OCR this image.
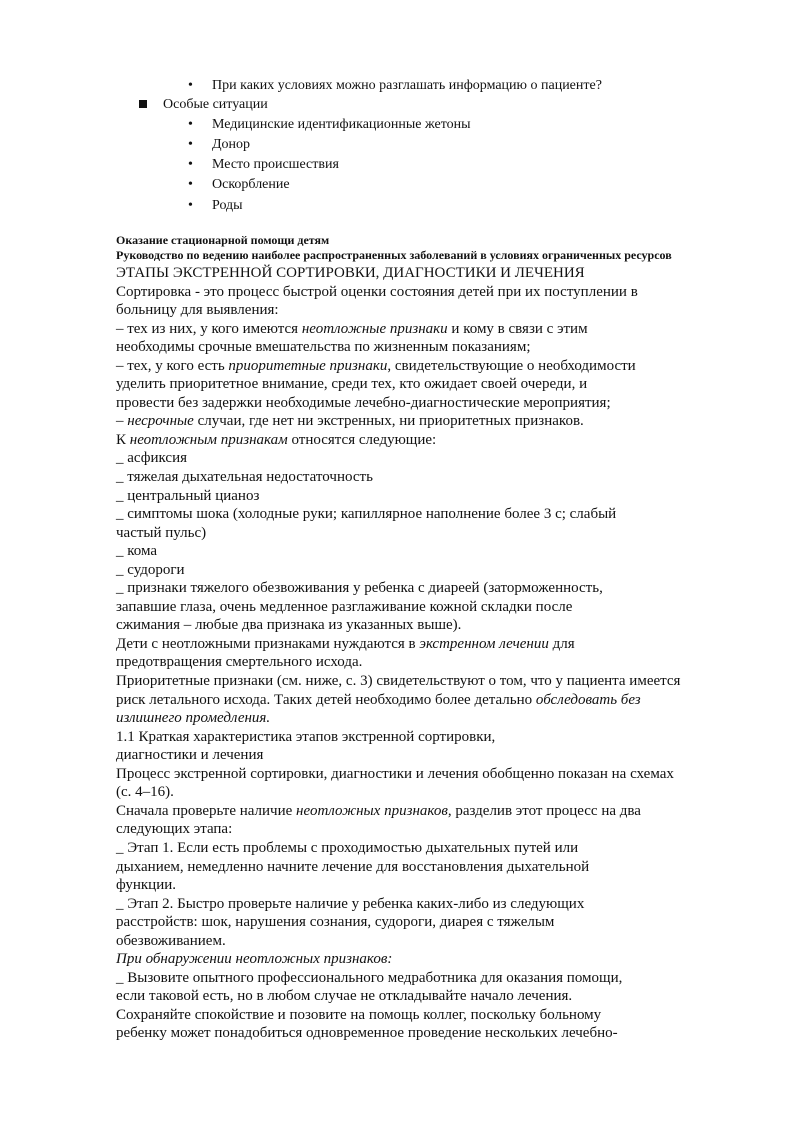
• При каких условиях можно разглашать информацию о пациенте?
Особые ситуации
• Медицинские идентификационные жетоны
• Донор
• Место происшествия
• Оскорбление
• Роды
Оказание стационарной помощи детям
Руководство по ведению наиболее распространенных заболеваний в условиях ограниченных ресурсов
ЭТАПЫ ЭКСТРЕННОЙ СОРТИРОВКИ, ДИАГНОСТИКИ И ЛЕЧЕНИЯ
Сортировка - это процесс быстрой оценки состояния детей при их поступлении в
больницу для выявления:
– тех из них, у кого имеются неотложные признаки и кому в связи с этим
необходимы срочные вмешательства по жизненным показаниям;
– тех, у кого есть приоритетные признаки, свидетельствующие о необходимости
уделить приоритетное внимание, среди тех, кто ожидает своей очереди, и
провести без задержки необходимые лечебно-диагностические мероприятия;
– несрочные случаи, где нет ни экстренных, ни приоритетных признаков.
К неотложным признакам относятся следующие:
_ асфиксия
_ тяжелая дыхательная недостаточность
_ центральный цианоз
_ симптомы шока (холодные руки; капиллярное наполнение более 3 с; слабый
частый пульс)
_ кома
_ судороги
_ признаки тяжелого обезвоживания у ребенка с диареей (заторможенность,
запавшие глаза, очень медленное разглаживание кожной складки после
сжимания – любые два признака из указанных выше).
Дети с неотложными признаками нуждаются в экстренном лечении для
предотвращения смертельного исхода.
Приоритетные признаки (см. ниже, с. 3) свидетельствуют о том, что у пациента имеется
риск летального исхода. Таких детей необходимо более детально обследовать без
излишнего промедления.
1.1 Краткая характеристика этапов экстренной сортировки,
диагностики и лечения
Процесс экстренной сортировки, диагностики и лечения обобщенно показан на схемах
(с. 4–16).
Сначала проверьте наличие неотложных признаков, разделив этот процесс на два
следующих этапа:
_ Этап 1. Если есть проблемы с проходимостью дыхательных путей или
дыханием, немедленно начните лечение для восстановления дыхательной
функции.
_ Этап 2. Быстро проверьте наличие у ребенка каких-либо из следующих
расстройств: шок, нарушения сознания, судороги, диарея с тяжелым
обезвоживанием.
При обнаружении неотложных признаков:
_ Вызовите опытного профессионального медработника для оказания помощи,
если таковой есть, но в любом случае не откладывайте начало лечения.
Сохраняйте спокойствие и позовите на помощь коллег, поскольку больному
ребенку может понадобиться одновременное проведение нескольких лечебно-
